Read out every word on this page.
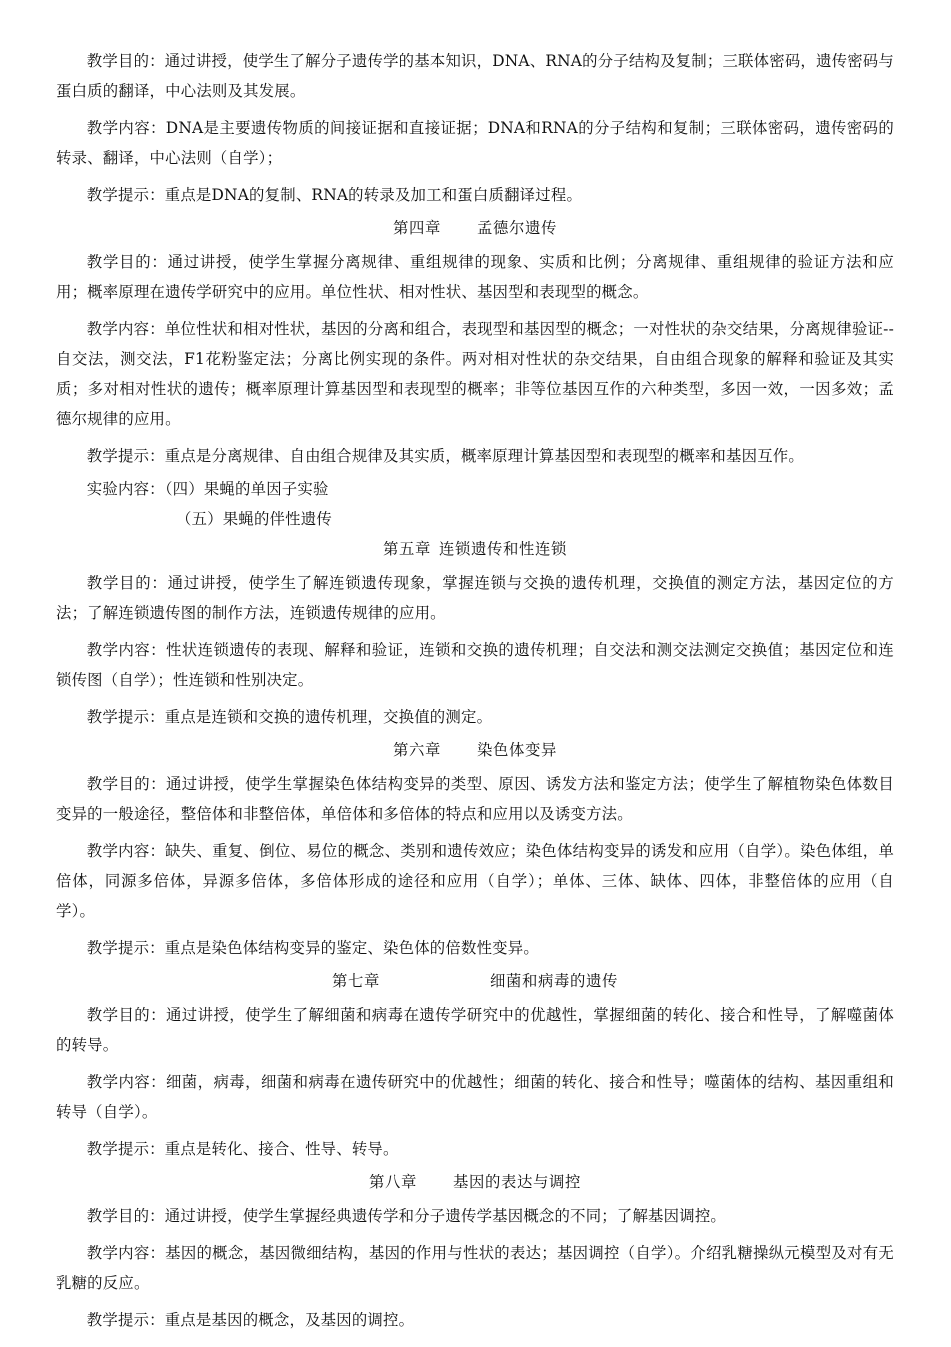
教学目的：通过讲授，使学生了解分子遗传学的基本知识，DNA、RNA的分子结构及复制；三联体密码，遗传密码与蛋白质的翻译，中心法则及其发展。

教学内容：DNA是主要遗传物质的间接证据和直接证据；DNA和RNA的分子结构和复制；三联体密码，遗传密码的转录、翻译，中心法则（自学）；

教学提示：重点是DNA的复制、RNA的转录及加工和蛋白质翻译过程。

第四章 孟德尔遗传

教学目的：通过讲授，使学生掌握分离规律、重组规律的现象、实质和比例；分离规律、重组规律的验证方法和应用；概率原理在遗传学研究中的应用。单位性状、相对性状、基因型和表现型的概念。

教学内容：单位性状和相对性状，基因的分离和组合，表现型和基因型的概念；一对性状的杂交结果，分离规律验证--自交法，测交法，F1花粉鉴定法；分离比例实现的条件。两对相对性状的杂交结果，自由组合现象的解释和验证及其实质；多对相对性状的遗传；概率原理计算基因型和表现型的概率；非等位基因互作的六种类型，多因一效，一因多效；孟德尔规律的应用。

教学提示：重点是分离规律、自由组合规律及其实质，概率原理计算基因型和表现型的概率和基因互作。

实验内容：（四）果蝇的单因子实验
（五）果蝇的伴性遗传
第五章 连锁遗传和性连锁

教学目的：通过讲授，使学生了解连锁遗传现象，掌握连锁与交换的遗传机理，交换值的测定方法，基因定位的方法；了解连锁遗传图的制作方法，连锁遗传规律的应用。

教学内容：性状连锁遗传的表现、解释和验证，连锁和交换的遗传机理；自交法和测交法测定交换值；基因定位和连锁传图（自学）；性连锁和性别决定。

教学提示：重点是连锁和交换的遗传机理，交换值的测定。

第六章 染色体变异

教学目的：通过讲授，使学生掌握染色体结构变异的类型、原因、诱发方法和鉴定方法；使学生了解植物染色体数目变异的一般途径，整倍体和非整倍体，单倍体和多倍体的特点和应用以及诱变方法。

教学内容：缺失、重复、倒位、易位的概念、类别和遗传效应；染色体结构变异的诱发和应用（自学）。染色体组，单倍体，同源多倍体，异源多倍体，多倍体形成的途径和应用（自学）；单体、三体、缺体、四体，非整倍体的应用（自学）。

教学提示：重点是染色体结构变异的鉴定、染色体的倍数性变异。

第七章	细菌和病毒的遗传

教学目的：通过讲授，使学生了解细菌和病毒在遗传学研究中的优越性，掌握细菌的转化、接合和性导，了解噬菌体的转导。

教学内容：细菌，病毒，细菌和病毒在遗传研究中的优越性；细菌的转化、接合和性导；噬菌体的结构、基因重组和转导（自学）。

教学提示：重点是转化、接合、性导、转导。

第八章 基因的表达与调控

教学目的：通过讲授，使学生掌握经典遗传学和分子遗传学基因概念的不同；了解基因调控。

教学内容：基因的概念，基因微细结构，基因的作用与性状的表达；基因调控（自学）。介绍乳糖操纵元模型及对有无乳糖的反应。

教学提示：重点是基因的概念，及基因的调控。
